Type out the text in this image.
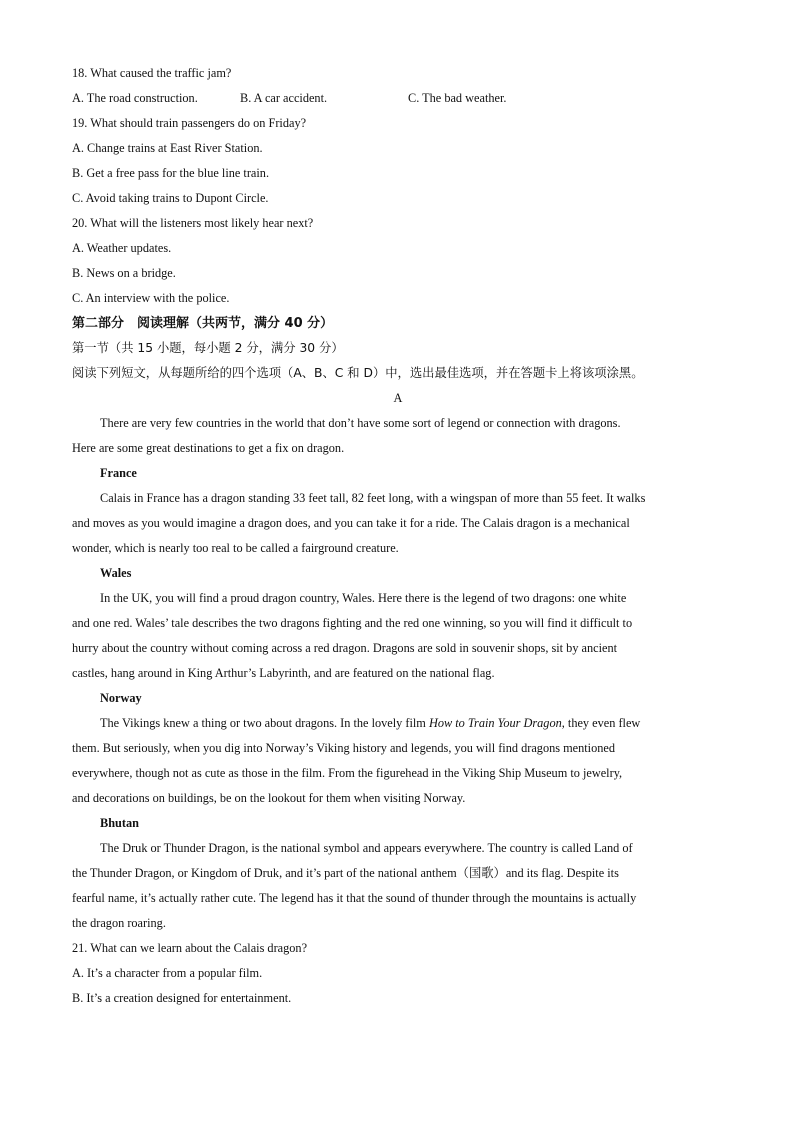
18. What caused the traffic jam?
A. The road construction.	B. A car accident.	C. The bad weather.
19. What should train passengers do on Friday?
A. Change trains at East River Station.
B. Get a free pass for the blue line train.
C. Avoid taking trains to Dupont Circle.
20. What will the listeners most likely hear next?
A. Weather updates.
B. News on a bridge.
C. An interview with the police.
第二部分　阅读理解（共两节，满分 40 分）
第一节（共 15 小题，每小题 2 分，满分 30 分）
阅读下列短文，从每题所给的四个选项（A、B、C 和 D）中，选出最佳选项，并在答题卡上将该项涂黑。
A
There are very few countries in the world that don’t have some sort of legend or connection with dragons.
Here are some great destinations to get a fix on dragon.
France
Calais in France has a dragon standing 33 feet tall, 82 feet long, with a wingspan of more than 55 feet. It walks
and moves as you would imagine a dragon does, and you can take it for a ride. The Calais dragon is a mechanical
wonder, which is nearly too real to be called a fairground creature.
Wales
In the UK, you will find a proud dragon country, Wales. Here there is the legend of two dragons: one white
and one red. Wales’ tale describes the two dragons fighting and the red one winning, so you will find it difficult to
hurry about the country without coming across a red dragon. Dragons are sold in souvenir shops, sit by ancient
castles, hang around in King Arthur’s Labyrinth, and are featured on the national flag.
Norway
The Vikings knew a thing or two about dragons. In the lovely film How to Train Your Dragon, they even flew
them. But seriously, when you dig into Norway’s Viking history and legends, you will find dragons mentioned
everywhere, though not as cute as those in the film. From the figurehead in the Viking Ship Museum to jewelry,
and decorations on buildings, be on the lookout for them when visiting Norway.
Bhutan
The Druk or Thunder Dragon, is the national symbol and appears everywhere. The country is called Land of
the Thunder Dragon, or Kingdom of Druk, and it’s part of the national anthem（国歌）and its flag. Despite its
fearful name, it’s actually rather cute. The legend has it that the sound of thunder through the mountains is actually
the dragon roaring.
21. What can we learn about the Calais dragon?
A. It’s a character from a popular film.
B. It’s a creation designed for entertainment.
